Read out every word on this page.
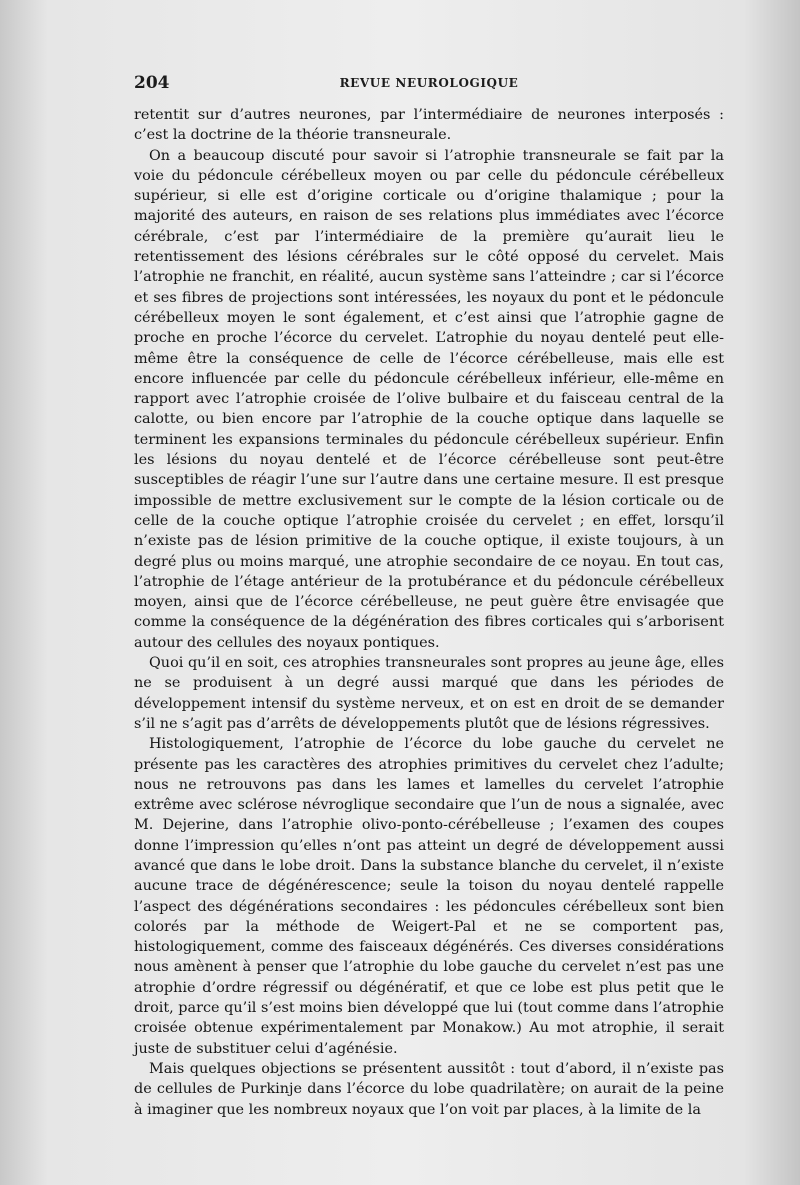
204	REVUE NEUROLOGIQUE

retentit sur d’autres neurones, par l’intermédiaire de neurones interposés : c’est la doctrine de la théorie transneurale.

On a beaucoup discuté pour savoir si l’atrophie transneurale se fait par la voie du pédoncule cérébelleux moyen ou par celle du pédoncule cérébelleux supérieur, si elle est d’origine corticale ou d’origine thalamique ; pour la majorité des auteurs, en raison de ses relations plus immédiates avec l’écorce cérébrale, c’est par l’intermédiaire de la première qu’aurait lieu le retentissement des lésions cérébrales sur le côté opposé du cervelet. Mais l’atrophie ne franchit, en réalité, aucun système sans l’atteindre ; car si l’écorce et ses fibres de projections sont intéressées, les noyaux du pont et le pédoncule cérébelleux moyen le sont également, et c’est ainsi que l’atrophie gagne de proche en proche l’écorce du cervelet. L’atrophie du noyau dentelé peut elle-même être la conséquence de celle de l’écorce cérébelleuse, mais elle est encore influencée par celle du pédoncule cérébelleux inférieur, elle-même en rapport avec l’atrophie croisée de l’olive bulbaire et du faisceau central de la calotte, ou bien encore par l’atrophie de la couche optique dans laquelle se terminent les expansions terminales du pédoncule cérébelleux supérieur. Enfin les lésions du noyau dentelé et de l’écorce cérébelleuse sont peut-être susceptibles de réagir l’une sur l’autre dans une certaine mesure. Il est presque impossible de mettre exclusivement sur le compte de la lésion corticale ou de celle de la couche optique l’atrophie croisée du cervelet ; en effet, lorsqu’il n’existe pas de lésion primitive de la couche optique, il existe toujours, à un degré plus ou moins marqué, une atrophie secondaire de ce noyau. En tout cas, l’atrophie de l’étage antérieur de la protubérance et du pédoncule cérébelleux moyen, ainsi que de l’écorce cérébelleuse, ne peut guère être envisagée que comme la conséquence de la dégénération des fibres corticales qui s’arborisent autour des cellules des noyaux pontiques.

Quoi qu’il en soit, ces atrophies transneurales sont propres au jeune âge, elles ne se produisent à un degré aussi marqué que dans les périodes de développement intensif du système nerveux, et on est en droit de se demander s’il ne s’agit pas d’arrêts de développements plutôt que de lésions régressives.

Histologiquement, l’atrophie de l’écorce du lobe gauche du cervelet ne présente pas les caractères des atrophies primitives du cervelet chez l’adulte; nous ne retrouvons pas dans les lames et lamelles du cervelet l’atrophie extrême avec sclérose névroglique secondaire que l’un de nous a signalée, avec M. Dejerine, dans l’atrophie olivo-ponto-cérébelleuse ; l’examen des coupes donne l’impression qu’elles n’ont pas atteint un degré de développement aussi avancé que dans le lobe droit. Dans la substance blanche du cervelet, il n’existe aucune trace de dégénérescence; seule la toison du noyau dentelé rappelle l’aspect des dégénérations secondaires : les pédoncules cérébelleux sont bien colorés par la méthode de Weigert-Pal et ne se comportent pas, histologiquement, comme des faisceaux dégénérés. Ces diverses considérations nous amènent à penser que l’atrophie du lobe gauche du cervelet n’est pas une atrophie d’ordre régressif ou dégénératif, et que ce lobe est plus petit que le droit, parce qu’il s’est moins bien développé que lui (tout comme dans l’atrophie croisée obtenue expérimentalement par Monakow.) Au mot atrophie, il serait juste de substituer celui d’agénésie.

Mais quelques objections se présentent aussitôt : tout d’abord, il n’existe pas de cellules de Purkinje dans l’écorce du lobe quadrilatère; on aurait de la peine à imaginer que les nombreux noyaux que l’on voit par places, à la limite de la
